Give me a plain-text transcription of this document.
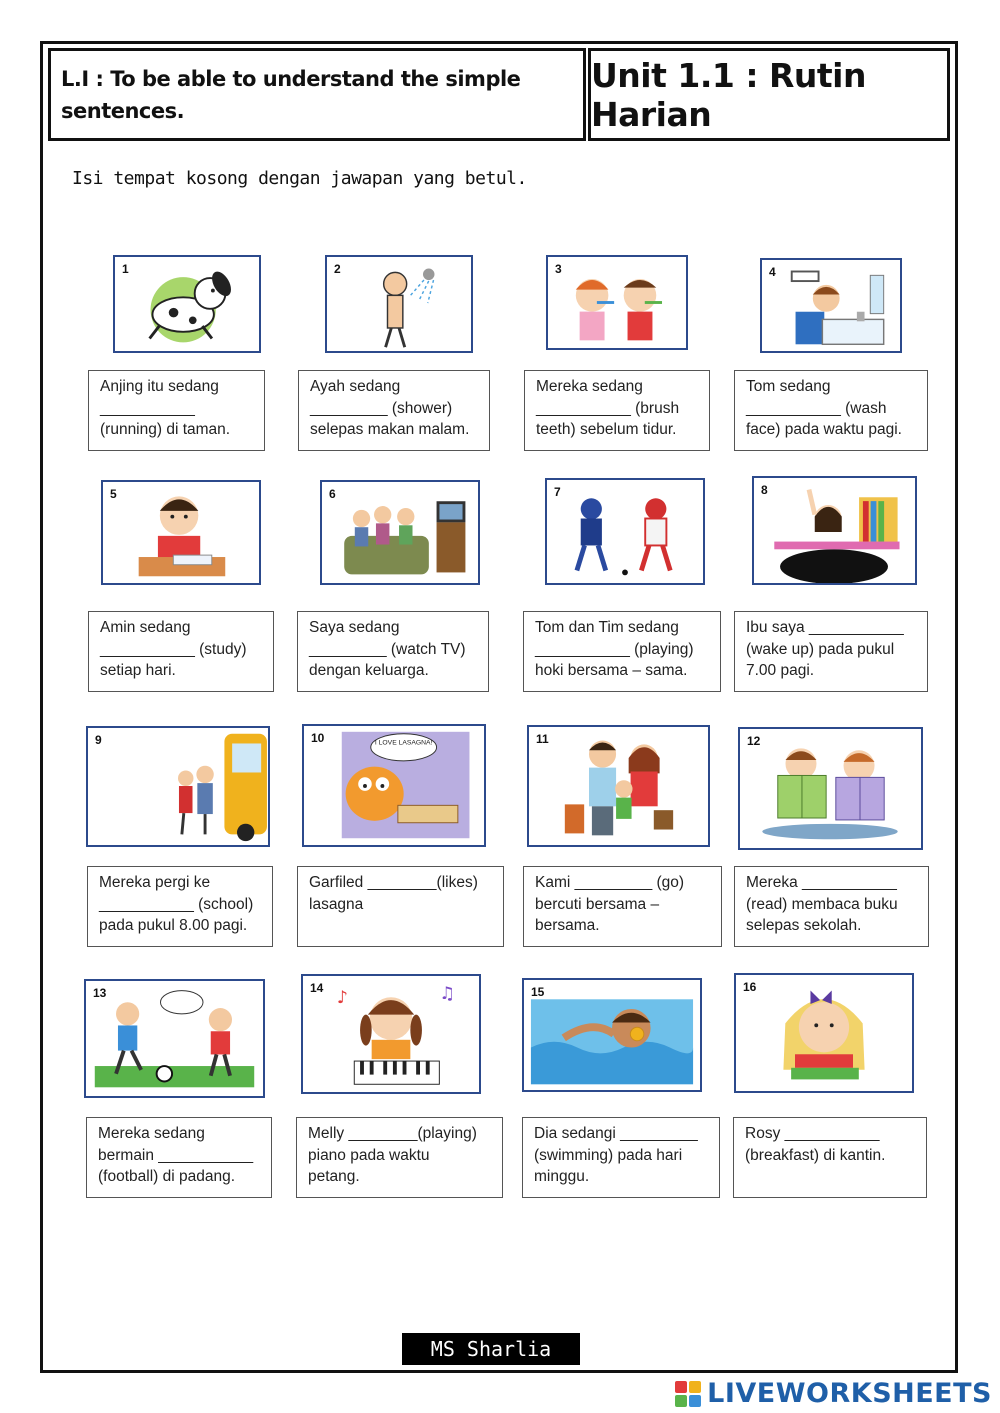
L.I : To be able to understand the simple sentences.
Unit 1.1 : Rutin Harian
Isi tempat kosong dengan jawapan yang betul.
1	2	3	4
Anjing itu sedang
___________
(running) di taman.
Ayah sedang
_________ (shower)
selepas makan malam.
Mereka sedang
___________ (brush
teeth) sebelum tidur.
Tom sedang
___________ (wash
face) pada waktu pagi.
5	6	7	8
Amin sedang
___________ (study)
setiap hari.
Saya sedang
_________ (watch TV)
dengan keluarga.
Tom dan Tim sedang
___________ (playing)
hoki bersama – sama.
Ibu saya ___________
(wake up) pada pukul
7.00 pagi.
9	10	I LOVE LASAGNA!	11	12
Mereka pergi ke
___________ (school)
pada pukul 8.00 pagi.
Garfiled ________(likes)
lasagna
Kami _________ (go)
bercuti bersama –
bersama.
Mereka ___________
(read) membaca buku
selepas sekolah.
13	14
♪	♫	15	16
Mereka sedang
bermain ___________
(football) di padang.
Melly ________(playing)
piano pada waktu
petang.
Dia sedangi _________
(swimming) pada hari
minggu.
Rosy ___________
(breakfast) di kantin.
MS Sharlia
LIVEWORKSHEETS
